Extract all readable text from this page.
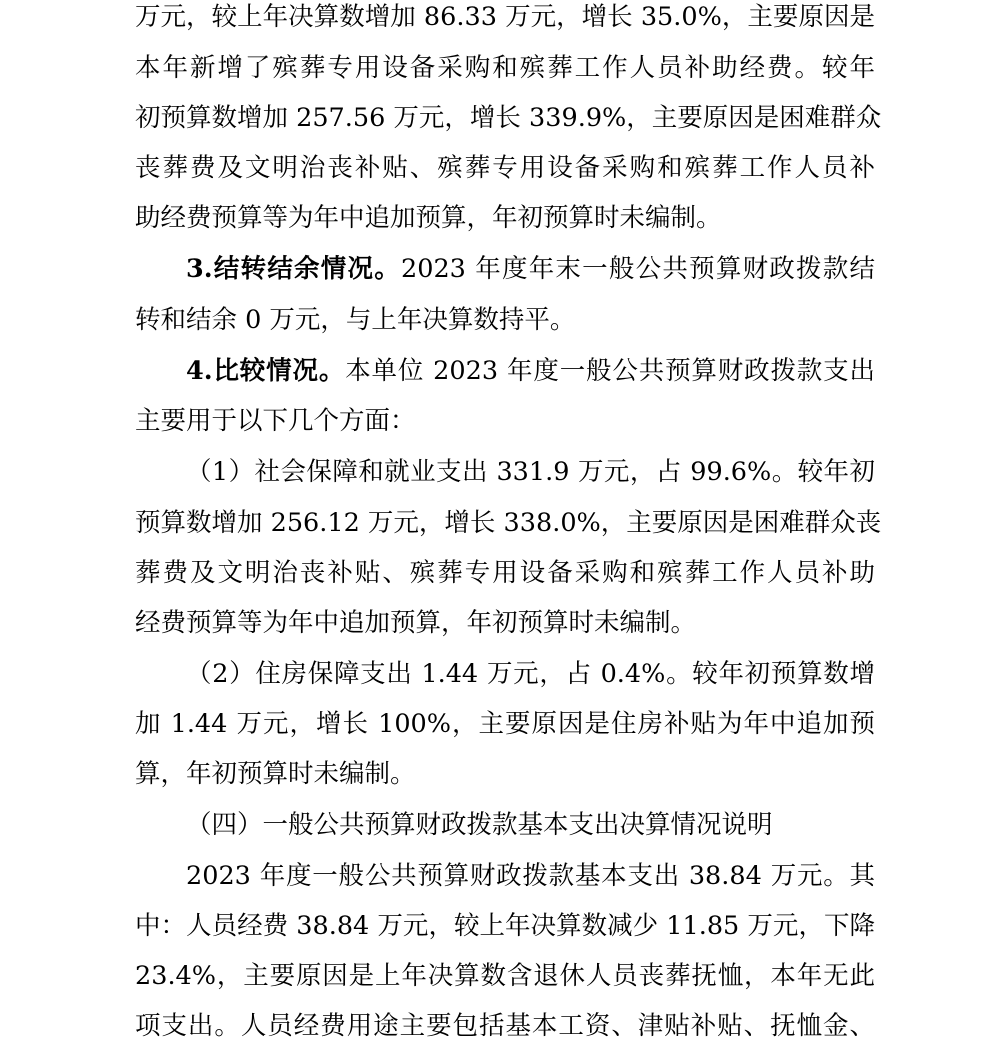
万元，较上年决算数增加 86.33 万元，增长 35.0%，主要原因是
本年新增了殡葬专用设备采购和殡葬工作人员补助经费。较年
初预算数增加 257.56 万元，增长 339.9%，主要原因是困难群众
丧葬费及文明治丧补贴、殡葬专用设备采购和殡葬工作人员补
助经费预算等为年中追加预算，年初预算时未编制。
3.结转结余情况。2023 年度年末一般公共预算财政拨款结
转和结余 0 万元，与上年决算数持平。
4.比较情况。本单位 2023 年度一般公共预算财政拨款支出
主要用于以下几个方面：
（1）社会保障和就业支出 331.9 万元，占 99.6%。较年初
预算数增加 256.12 万元，增长 338.0%，主要原因是困难群众丧
葬费及文明治丧补贴、殡葬专用设备采购和殡葬工作人员补助
经费预算等为年中追加预算，年初预算时未编制。
（2）住房保障支出 1.44 万元，占 0.4%。较年初预算数增
加 1.44 万元，增长 100%，主要原因是住房补贴为年中追加预
算，年初预算时未编制。
（四）一般公共预算财政拨款基本支出决算情况说明
2023 年度一般公共预算财政拨款基本支出 38.84 万元。其
中：人员经费 38.84 万元，较上年决算数减少 11.85 万元，下降
23.4%，主要原因是上年决算数含退休人员丧葬抚恤，本年无此
项支出。人员经费用途主要包括基本工资、津贴补贴、抚恤金、
